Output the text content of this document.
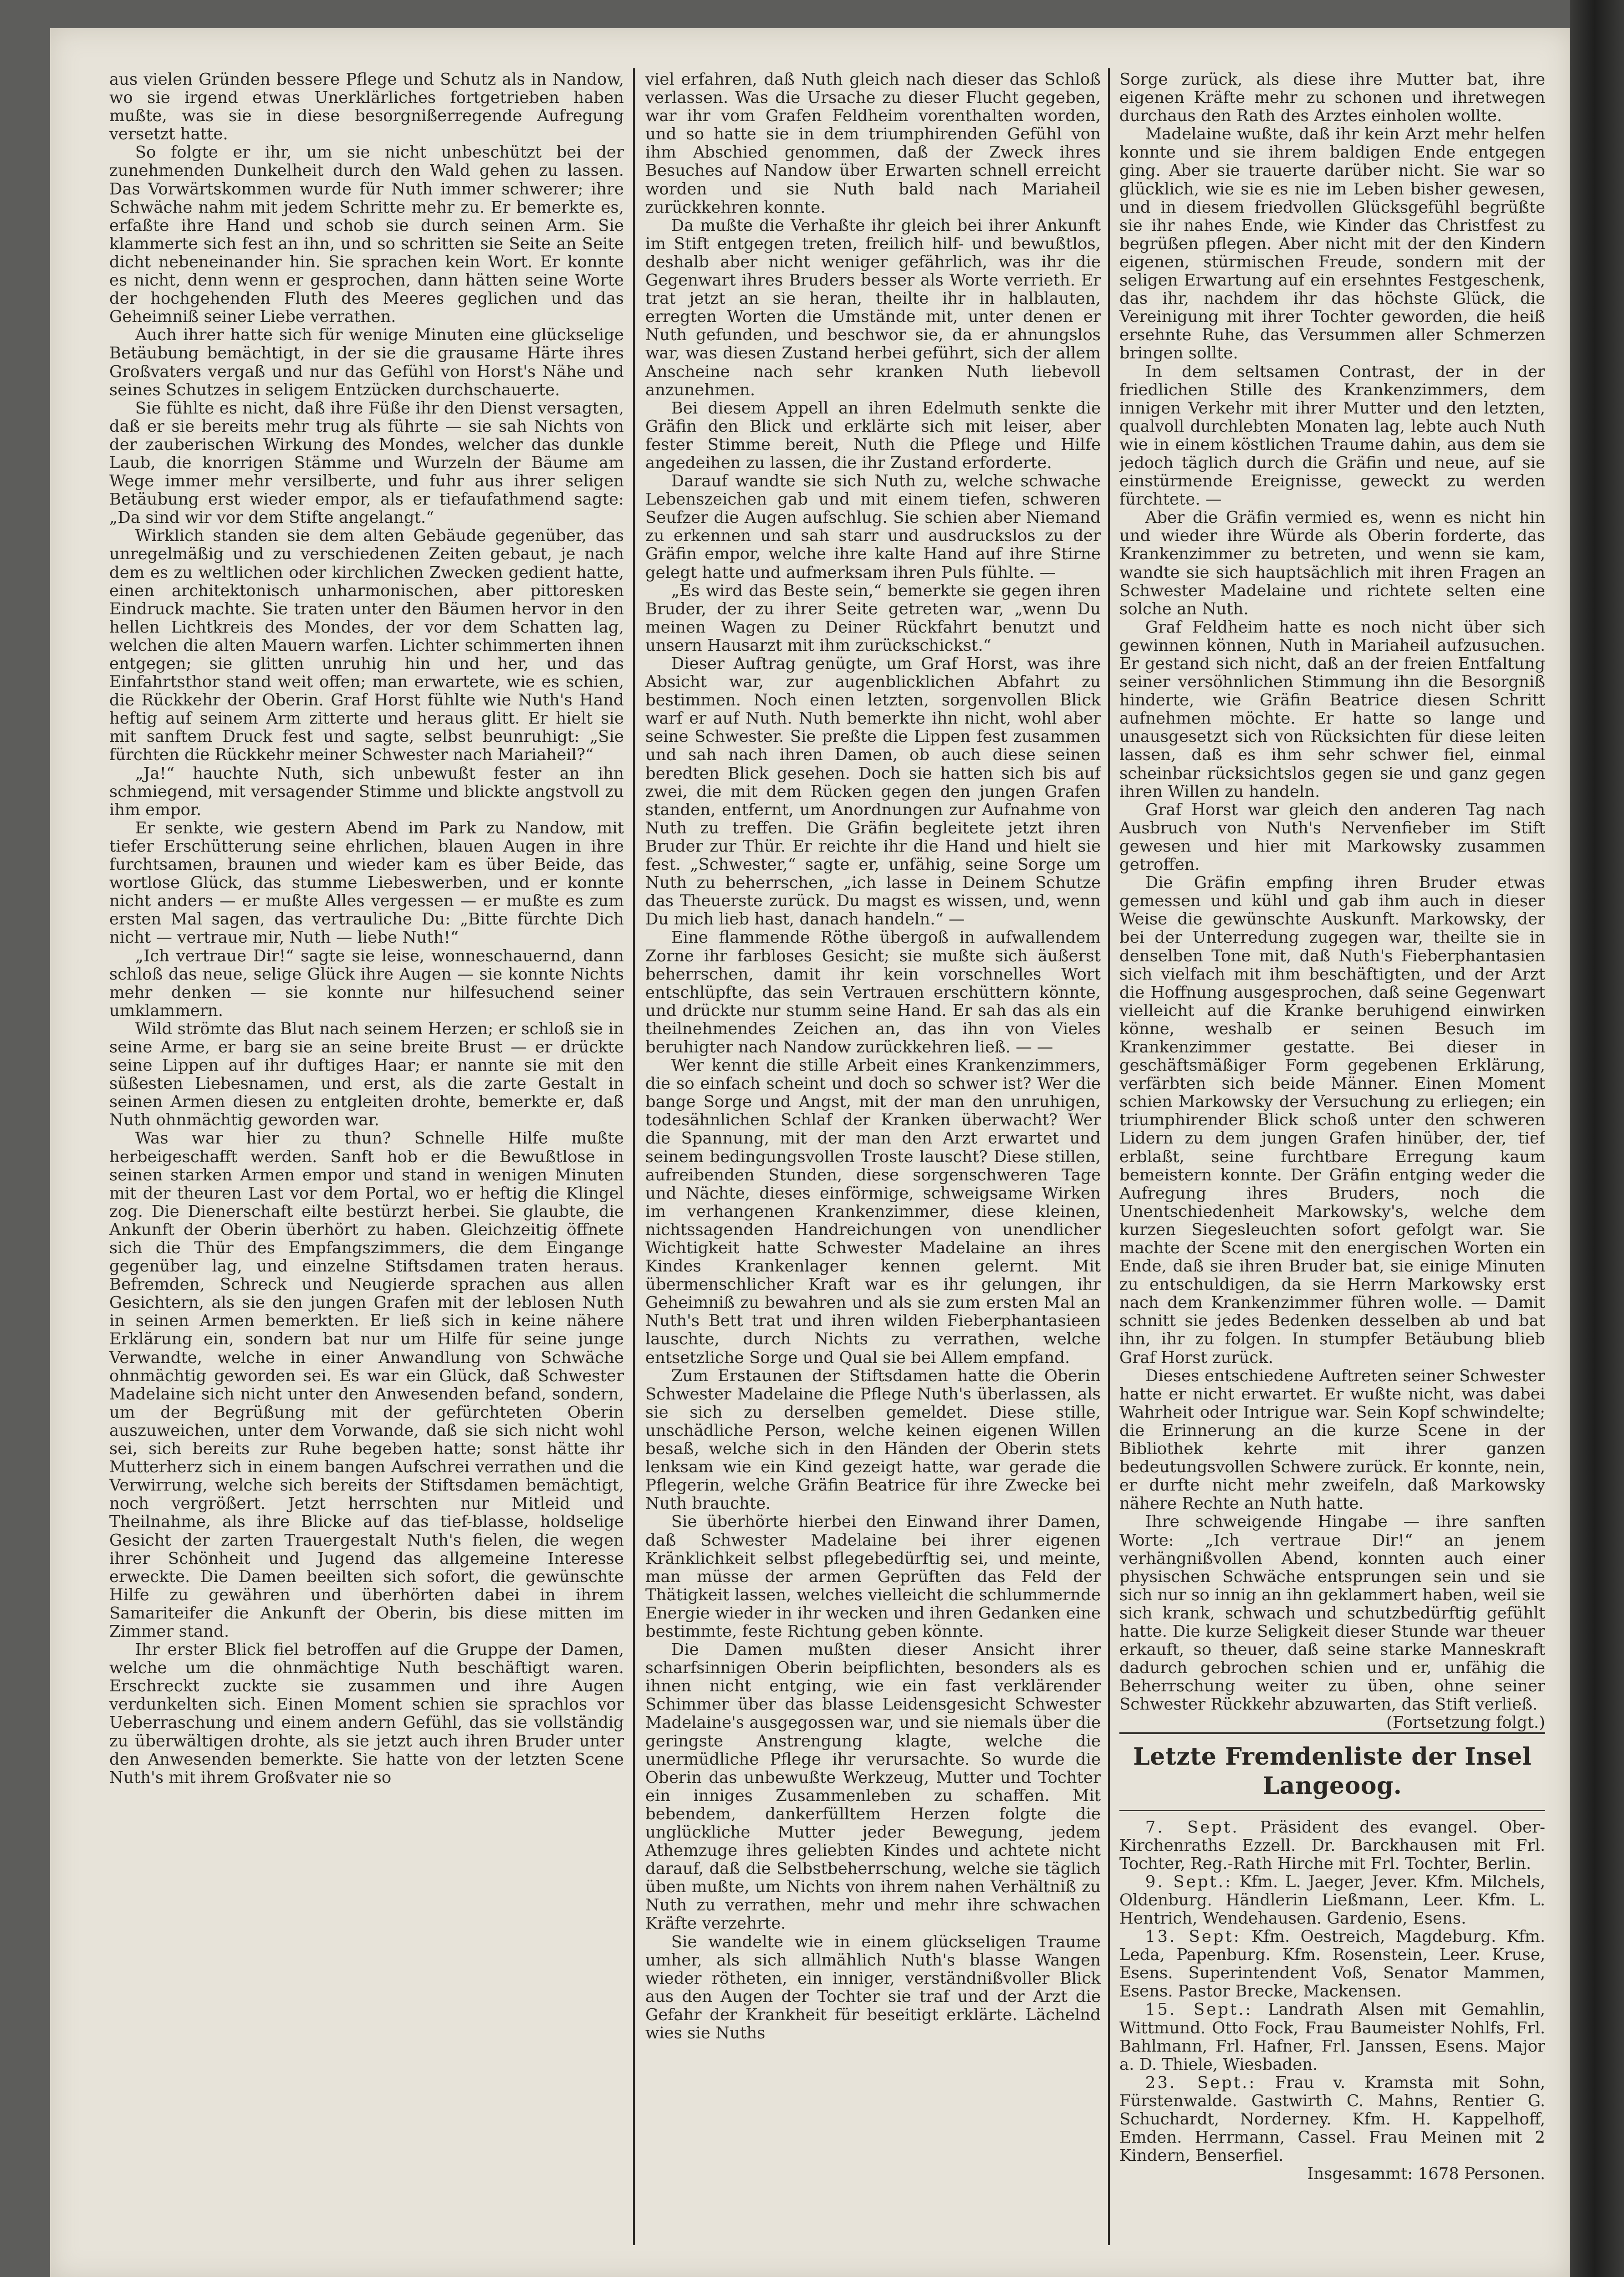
aus vielen Gründen bessere Pflege und Schutz als in Nandow, wo sie irgend etwas Unerklärliches fortgetrieben haben mußte, was sie in diese besorgnißerregende Aufregung versetzt hatte.

So folgte er ihr, um sie nicht unbeschützt bei der zunehmenden Dunkelheit durch den Wald gehen zu lassen. Das Vorwärtskommen wurde für Nuth immer schwerer; ihre Schwäche nahm mit jedem Schritte mehr zu. Er bemerkte es, erfaßte ihre Hand und schob sie durch seinen Arm. Sie klammerte sich fest an ihn, und so schritten sie Seite an Seite dicht nebeneinander hin. Sie sprachen kein Wort. Er konnte es nicht, denn wenn er gesprochen, dann hätten seine Worte der hochgehenden Fluth des Meeres geglichen und das Geheimniß seiner Liebe verrathen.

Auch ihrer hatte sich für wenige Minuten eine glückselige Betäubung bemächtigt, in der sie die grausame Härte ihres Großvaters vergaß und nur das Gefühl von Horst's Nähe und seines Schutzes in seligem Entzücken durchschauerte.

Sie fühlte es nicht, daß ihre Füße ihr den Dienst versagten, daß er sie bereits mehr trug als führte — sie sah Nichts von der zauberischen Wirkung des Mondes, welcher das dunkle Laub, die knorrigen Stämme und Wurzeln der Bäume am Wege immer mehr versilberte, und fuhr aus ihrer seligen Betäubung erst wieder empor, als er tiefaufathmend sagte: „Da sind wir vor dem Stifte angelangt.“

Wirklich standen sie dem alten Gebäude gegenüber, das unregelmäßig und zu verschiedenen Zeiten gebaut, je nach dem es zu weltlichen oder kirchlichen Zwecken gedient hatte, einen architektonisch unharmonischen, aber pittoresken Eindruck machte. Sie traten unter den Bäumen hervor in den hellen Lichtkreis des Mondes, der vor dem Schatten lag, welchen die alten Mauern warfen. Lichter schimmerten ihnen entgegen; sie glitten unruhig hin und her, und das Einfahrtsthor stand weit offen; man erwartete, wie es schien, die Rückkehr der Oberin. Graf Horst fühlte wie Nuth's Hand heftig auf seinem Arm zitterte und heraus glitt. Er hielt sie mit sanftem Druck fest und sagte, selbst beunruhigt: „Sie fürchten die Rückkehr meiner Schwester nach Mariaheil?“

„Ja!“ hauchte Nuth, sich unbewußt fester an ihn schmiegend, mit versagender Stimme und blickte angstvoll zu ihm empor.

Er senkte, wie gestern Abend im Park zu Nandow, mit tiefer Erschütterung seine ehrlichen, blauen Augen in ihre furchtsamen, braunen und wieder kam es über Beide, das wortlose Glück, das stumme Liebeswerben, und er konnte nicht anders — er mußte Alles vergessen — er mußte es zum ersten Mal sagen, das vertrauliche Du: „Bitte fürchte Dich nicht — vertraue mir, Nuth — liebe Nuth!“

„Ich vertraue Dir!“ sagte sie leise, wonneschauernd, dann schloß das neue, selige Glück ihre Augen — sie konnte Nichts mehr denken — sie konnte nur hilfesuchend seiner umklammern.

Wild strömte das Blut nach seinem Herzen; er schloß sie in seine Arme, er barg sie an seine breite Brust — er drückte seine Lippen auf ihr duftiges Haar; er nannte sie mit den süßesten Liebesnamen, und erst, als die zarte Gestalt in seinen Armen diesen zu entgleiten drohte, bemerkte er, daß Nuth ohnmächtig geworden war.

Was war hier zu thun? Schnelle Hilfe mußte herbeigeschafft werden. Sanft hob er die Bewußtlose in seinen starken Armen empor und stand in wenigen Minuten mit der theuren Last vor dem Portal, wo er heftig die Klingel zog. Die Dienerschaft eilte bestürzt herbei. Sie glaubte, die Ankunft der Oberin überhört zu haben. Gleichzeitig öffnete sich die Thür des Empfangszimmers, die dem Eingange gegenüber lag, und einzelne Stiftsdamen traten heraus. Befremden, Schreck und Neugierde sprachen aus allen Gesichtern, als sie den jungen Grafen mit der leblosen Nuth in seinen Armen bemerkten. Er ließ sich in keine nähere Erklärung ein, sondern bat nur um Hilfe für seine junge Verwandte, welche in einer Anwandlung von Schwäche ohnmächtig geworden sei. Es war ein Glück, daß Schwester Madelaine sich nicht unter den Anwesenden befand, sondern, um der Begrüßung mit der gefürchteten Oberin auszuweichen, unter dem Vorwande, daß sie sich nicht wohl sei, sich bereits zur Ruhe begeben hatte; sonst hätte ihr Mutterherz sich in einem bangen Aufschrei verrathen und die Verwirrung, welche sich bereits der Stiftsdamen bemächtigt, noch vergrößert. Jetzt herrschten nur Mitleid und Theilnahme, als ihre Blicke auf das tief-blasse, holdselige Gesicht der zarten Trauergestalt Nuth's fielen, die wegen ihrer Schönheit und Jugend das allgemeine Interesse erweckte. Die Damen beeilten sich sofort, die gewünschte Hilfe zu gewähren und überhörten dabei in ihrem Samariteifer die Ankunft der Oberin, bis diese mitten im Zimmer stand.

Ihr erster Blick fiel betroffen auf die Gruppe der Damen, welche um die ohnmächtige Nuth beschäftigt waren. Erschreckt zuckte sie zusammen und ihre Augen verdunkelten sich. Einen Moment schien sie sprachlos vor Ueberraschung und einem andern Gefühl, das sie vollständig zu überwältigen drohte, als sie jetzt auch ihren Bruder unter den Anwesenden bemerkte. Sie hatte von der letzten Scene Nuth's mit ihrem Großvater nie so

viel erfahren, daß Nuth gleich nach dieser das Schloß verlassen. Was die Ursache zu dieser Flucht gegeben, war ihr vom Grafen Feldheim vorenthalten worden, und so hatte sie in dem triumphirenden Gefühl von ihm Abschied genommen, daß der Zweck ihres Besuches auf Nandow über Erwarten schnell erreicht worden und sie Nuth bald nach Mariaheil zurückkehren konnte.

Da mußte die Verhaßte ihr gleich bei ihrer Ankunft im Stift entgegen treten, freilich hilf- und bewußtlos, deshalb aber nicht weniger gefährlich, was ihr die Gegenwart ihres Bruders besser als Worte verrieth. Er trat jetzt an sie heran, theilte ihr in halblauten, erregten Worten die Umstände mit, unter denen er Nuth gefunden, und beschwor sie, da er ahnungslos war, was diesen Zustand herbei geführt, sich der allem Anscheine nach sehr kranken Nuth liebevoll anzunehmen.

Bei diesem Appell an ihren Edelmuth senkte die Gräfin den Blick und erklärte sich mit leiser, aber fester Stimme bereit, Nuth die Pflege und Hilfe angedeihen zu lassen, die ihr Zustand erforderte.

Darauf wandte sie sich Nuth zu, welche schwache Lebenszeichen gab und mit einem tiefen, schweren Seufzer die Augen aufschlug. Sie schien aber Niemand zu erkennen und sah starr und ausdruckslos zu der Gräfin empor, welche ihre kalte Hand auf ihre Stirne gelegt hatte und aufmerksam ihren Puls fühlte. —

„Es wird das Beste sein,“ bemerkte sie gegen ihren Bruder, der zu ihrer Seite getreten war, „wenn Du meinen Wagen zu Deiner Rückfahrt benutzt und unsern Hausarzt mit ihm zurückschickst.“

Dieser Auftrag genügte, um Graf Horst, was ihre Absicht war, zur augenblicklichen Abfahrt zu bestimmen. Noch einen letzten, sorgenvollen Blick warf er auf Nuth. Nuth bemerkte ihn nicht, wohl aber seine Schwester. Sie preßte die Lippen fest zusammen und sah nach ihren Damen, ob auch diese seinen beredten Blick gesehen. Doch sie hatten sich bis auf zwei, die mit dem Rücken gegen den jungen Grafen standen, entfernt, um Anordnungen zur Aufnahme von Nuth zu treffen. Die Gräfin begleitete jetzt ihren Bruder zur Thür. Er reichte ihr die Hand und hielt sie fest. „Schwester,“ sagte er, unfähig, seine Sorge um Nuth zu beherrschen, „ich lasse in Deinem Schutze das Theuerste zurück. Du magst es wissen, und, wenn Du mich lieb hast, danach handeln.“ —

Eine flammende Röthe übergoß in aufwallendem Zorne ihr farbloses Gesicht; sie mußte sich äußerst beherrschen, damit ihr kein vorschnelles Wort entschlüpfte, das sein Vertrauen erschüttern könnte, und drückte nur stumm seine Hand. Er sah das als ein theilnehmendes Zeichen an, das ihn von Vieles beruhigter nach Nandow zurückkehren ließ. — —

Wer kennt die stille Arbeit eines Krankenzimmers, die so einfach scheint und doch so schwer ist? Wer die bange Sorge und Angst, mit der man den unruhigen, todesähnlichen Schlaf der Kranken überwacht? Wer die Spannung, mit der man den Arzt erwartet und seinem bedingungsvollen Troste lauscht? Diese stillen, aufreibenden Stunden, diese sorgenschweren Tage und Nächte, dieses einförmige, schweigsame Wirken im verhangenen Krankenzimmer, diese kleinen, nichtssagenden Handreichungen von unendlicher Wichtigkeit hatte Schwester Madelaine an ihres Kindes Krankenlager kennen gelernt. Mit übermenschlicher Kraft war es ihr gelungen, ihr Geheimniß zu bewahren und als sie zum ersten Mal an Nuth's Bett trat und ihren wilden Fieberphantasieen lauschte, durch Nichts zu verrathen, welche entsetzliche Sorge und Qual sie bei Allem empfand.

Zum Erstaunen der Stiftsdamen hatte die Oberin Schwester Madelaine die Pflege Nuth's überlassen, als sie sich zu derselben gemeldet. Diese stille, unschädliche Person, welche keinen eigenen Willen besaß, welche sich in den Händen der Oberin stets lenksam wie ein Kind gezeigt hatte, war gerade die Pflegerin, welche Gräfin Beatrice für ihre Zwecke bei Nuth brauchte.

Sie überhörte hierbei den Einwand ihrer Damen, daß Schwester Madelaine bei ihrer eigenen Kränklichkeit selbst pflegebedürftig sei, und meinte, man müsse der armen Geprüften das Feld der Thätigkeit lassen, welches vielleicht die schlummernde Energie wieder in ihr wecken und ihren Gedanken eine bestimmte, feste Richtung geben könnte.

Die Damen mußten dieser Ansicht ihrer scharfsinnigen Oberin beipflichten, besonders als es ihnen nicht entging, wie ein fast verklärender Schimmer über das blasse Leidensgesicht Schwester Madelaine's ausgegossen war, und sie niemals über die geringste Anstrengung klagte, welche die unermüdliche Pflege ihr verursachte. So wurde die Oberin das unbewußte Werkzeug, Mutter und Tochter ein inniges Zusammenleben zu schaffen. Mit bebendem, dankerfülltem Herzen folgte die unglückliche Mutter jeder Bewegung, jedem Athemzuge ihres geliebten Kindes und achtete nicht darauf, daß die Selbstbeherrschung, welche sie täglich üben mußte, um Nichts von ihrem nahen Verhältniß zu Nuth zu verrathen, mehr und mehr ihre schwachen Kräfte verzehrte.

Sie wandelte wie in einem glückseligen Traume umher, als sich allmählich Nuth's blasse Wangen wieder rötheten, ein inniger, verständnißvoller Blick aus den Augen der Tochter sie traf und der Arzt die Gefahr der Krankheit für beseitigt erklärte. Lächelnd wies sie Nuths

Sorge zurück, als diese ihre Mutter bat, ihre eigenen Kräfte mehr zu schonen und ihretwegen durchaus den Rath des Arztes einholen wollte.

Madelaine wußte, daß ihr kein Arzt mehr helfen konnte und sie ihrem baldigen Ende entgegen ging. Aber sie trauerte darüber nicht. Sie war so glücklich, wie sie es nie im Leben bisher gewesen, und in diesem friedvollen Glücksgefühl begrüßte sie ihr nahes Ende, wie Kinder das Christfest zu begrüßen pflegen. Aber nicht mit der den Kindern eigenen, stürmischen Freude, sondern mit der seligen Erwartung auf ein ersehntes Festgeschenk, das ihr, nachdem ihr das höchste Glück, die Vereinigung mit ihrer Tochter geworden, die heiß ersehnte Ruhe, das Versummen aller Schmerzen bringen sollte.

In dem seltsamen Contrast, der in der friedlichen Stille des Krankenzimmers, dem innigen Verkehr mit ihrer Mutter und den letzten, qualvoll durchlebten Monaten lag, lebte auch Nuth wie in einem köstlichen Traume dahin, aus dem sie jedoch täglich durch die Gräfin und neue, auf sie einstürmende Ereignisse, geweckt zu werden fürchtete. —

Aber die Gräfin vermied es, wenn es nicht hin und wieder ihre Würde als Oberin forderte, das Krankenzimmer zu betreten, und wenn sie kam, wandte sie sich hauptsächlich mit ihren Fragen an Schwester Madelaine und richtete selten eine solche an Nuth.

Graf Feldheim hatte es noch nicht über sich gewinnen können, Nuth in Mariaheil aufzusuchen. Er gestand sich nicht, daß an der freien Entfaltung seiner versöhnlichen Stimmung ihn die Besorgniß hinderte, wie Gräfin Beatrice diesen Schritt aufnehmen möchte. Er hatte so lange und unausgesetzt sich von Rücksichten für diese leiten lassen, daß es ihm sehr schwer fiel, einmal scheinbar rücksichtslos gegen sie und ganz gegen ihren Willen zu handeln.

Graf Horst war gleich den anderen Tag nach Ausbruch von Nuth's Nervenfieber im Stift gewesen und hier mit Markowsky zusammen getroffen.

Die Gräfin empfing ihren Bruder etwas gemessen und kühl und gab ihm auch in dieser Weise die gewünschte Auskunft. Markowsky, der bei der Unterredung zugegen war, theilte sie in denselben Tone mit, daß Nuth's Fieberphantasien sich vielfach mit ihm beschäftigten, und der Arzt die Hoffnung ausgesprochen, daß seine Gegenwart vielleicht auf die Kranke beruhigend einwirken könne, weshalb er seinen Besuch im Krankenzimmer gestatte. Bei dieser in geschäftsmäßiger Form gegebenen Erklärung, verfärbten sich beide Männer. Einen Moment schien Markowsky der Versuchung zu erliegen; ein triumphirender Blick schoß unter den schweren Lidern zu dem jungen Grafen hinüber, der, tief erblaßt, seine furchtbare Erregung kaum bemeistern konnte. Der Gräfin entging weder die Aufregung ihres Bruders, noch die Unentschiedenheit Markowsky's, welche dem kurzen Siegesleuchten sofort gefolgt war. Sie machte der Scene mit den energischen Worten ein Ende, daß sie ihren Bruder bat, sie einige Minuten zu entschuldigen, da sie Herrn Markowsky erst nach dem Krankenzimmer führen wolle. — Damit schnitt sie jedes Bedenken desselben ab und bat ihn, ihr zu folgen. In stumpfer Betäubung blieb Graf Horst zurück.

Dieses entschiedene Auftreten seiner Schwester hatte er nicht erwartet. Er wußte nicht, was dabei Wahrheit oder Intrigue war. Sein Kopf schwindelte; die Erinnerung an die kurze Scene in der Bibliothek kehrte mit ihrer ganzen bedeutungsvollen Schwere zurück. Er konnte, nein, er durfte nicht mehr zweifeln, daß Markowsky nähere Rechte an Nuth hatte.

Ihre schweigende Hingabe — ihre sanften Worte: „Ich vertraue Dir!“ an jenem verhängnißvollen Abend, konnten auch einer physischen Schwäche entsprungen sein und sie sich nur so innig an ihn geklammert haben, weil sie sich krank, schwach und schutzbedürftig gefühlt hatte. Die kurze Seligkeit dieser Stunde war theuer erkauft, so theuer, daß seine starke Manneskraft dadurch gebrochen schien und er, unfähig die Beherrschung weiter zu üben, ohne seiner Schwester Rückkehr abzuwarten, das Stift verließ.

(Fortsetzung folgt.)

Letzte Fremdenliste der Insel Langeoog.

7. Sept. Präsident des evangel. Ober-Kirchenraths Ezzell. Dr. Barckhausen mit Frl. Tochter, Reg.-Rath Hirche mit Frl. Tochter, Berlin.

9. Sept.: Kfm. L. Jaeger, Jever. Kfm. Milchels, Oldenburg. Händlerin Ließmann, Leer. Kfm. L. Hentrich, Wendehausen. Gardenio, Esens.

13. Sept: Kfm. Oestreich, Magdeburg. Kfm. Leda, Papenburg. Kfm. Rosenstein, Leer. Kruse, Esens. Superintendent Voß, Senator Mammen, Esens. Pastor Brecke, Mackensen.

15. Sept.: Landrath Alsen mit Gemahlin, Wittmund. Otto Fock, Frau Baumeister Nohlfs, Frl. Bahlmann, Frl. Hafner, Frl. Janssen, Esens. Major a. D. Thiele, Wiesbaden.

23. Sept.: Frau v. Kramsta mit Sohn, Fürstenwalde. Gastwirth C. Mahns, Rentier G. Schuchardt, Norderney. Kfm. H. Kappelhoff, Emden. Herrmann, Cassel. Frau Meinen mit 2 Kindern, Benserfiel.

Insgesammt: 1678 Personen.
